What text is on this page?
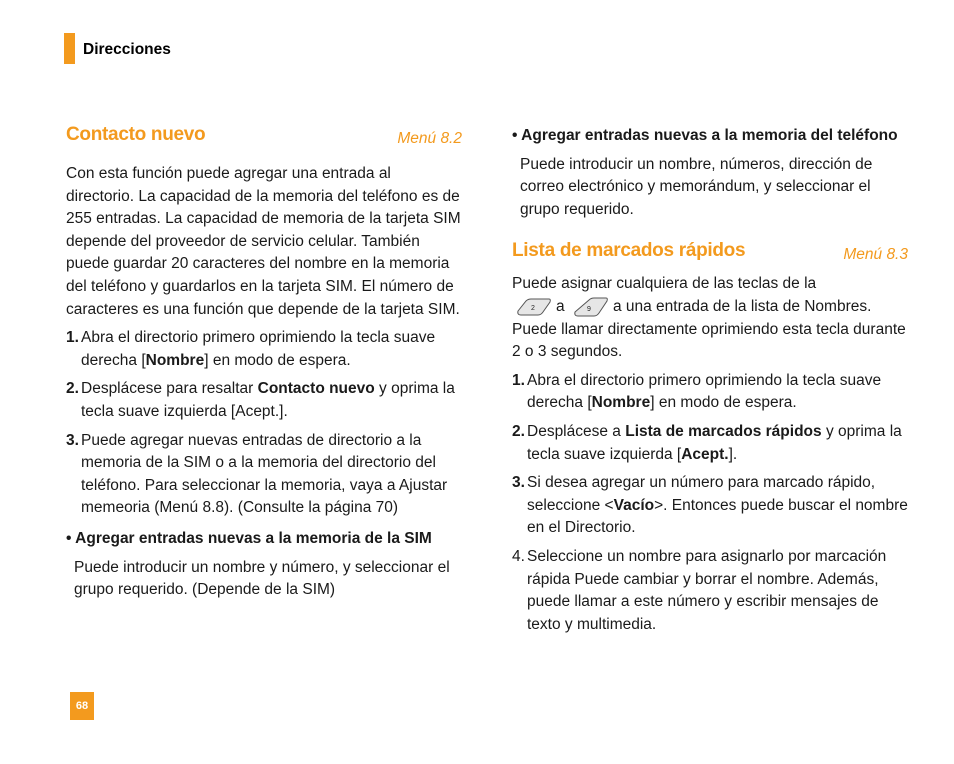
Direcciones
Contacto nuevo	Menú 8.2

Con esta función puede agregar una entrada al directorio. La capacidad de la memoria del teléfono es de 255 entradas. La capacidad de memoria de la tarjeta SIM depende del proveedor de servicio celular. También puede guardar 20 caracteres del nombre en la memoria del teléfono y guardarlos en la tarjeta SIM. El número de caracteres es una función que depende de la tarjeta SIM.

1. Abra el directorio primero oprimiendo la tecla suave derecha [Nombre] en modo de espera.
2. Desplácese para resaltar Contacto nuevo y oprima la tecla suave izquierda [Acept.].
3. Puede agregar nuevas entradas de directorio a la memoria de la SIM o a la memoria del directorio del teléfono. Para seleccionar la memoria, vaya a Ajustar memeoria (Menú 8.8). (Consulte la página 70)
• Agregar entradas nuevas a la memoria de la SIM
Puede introducir un nombre y número, y seleccionar el grupo requerido. (Depende de la SIM)
• Agregar entradas nuevas a la memoria del teléfono
Puede introducir un nombre, números, dirección de correo electrónico y memorándum, y seleccionar el grupo requerido.
Lista de marcados rápidos	Menú 8.3

Puede asignar cualquiera de las teclas de la

2 a	9 a una entrada de la lista de Nombres. Puede llamar directamente oprimiendo esta tecla durante 2 o 3 segundos.

1. Abra el directorio primero oprimiendo la tecla suave derecha [Nombre] en modo de espera.
2. Desplácese a Lista de marcados rápidos y oprima la tecla suave izquierda [Acept.].
3. Si desea agregar un número para marcado rápido, seleccione <Vacío>. Entonces puede buscar el nombre en el Directorio.
4. Seleccione un nombre para asignarlo por marcación rápida Puede cambiar y borrar el nombre. Además, puede llamar a este número y escribir mensajes de texto y multimedia.
68
